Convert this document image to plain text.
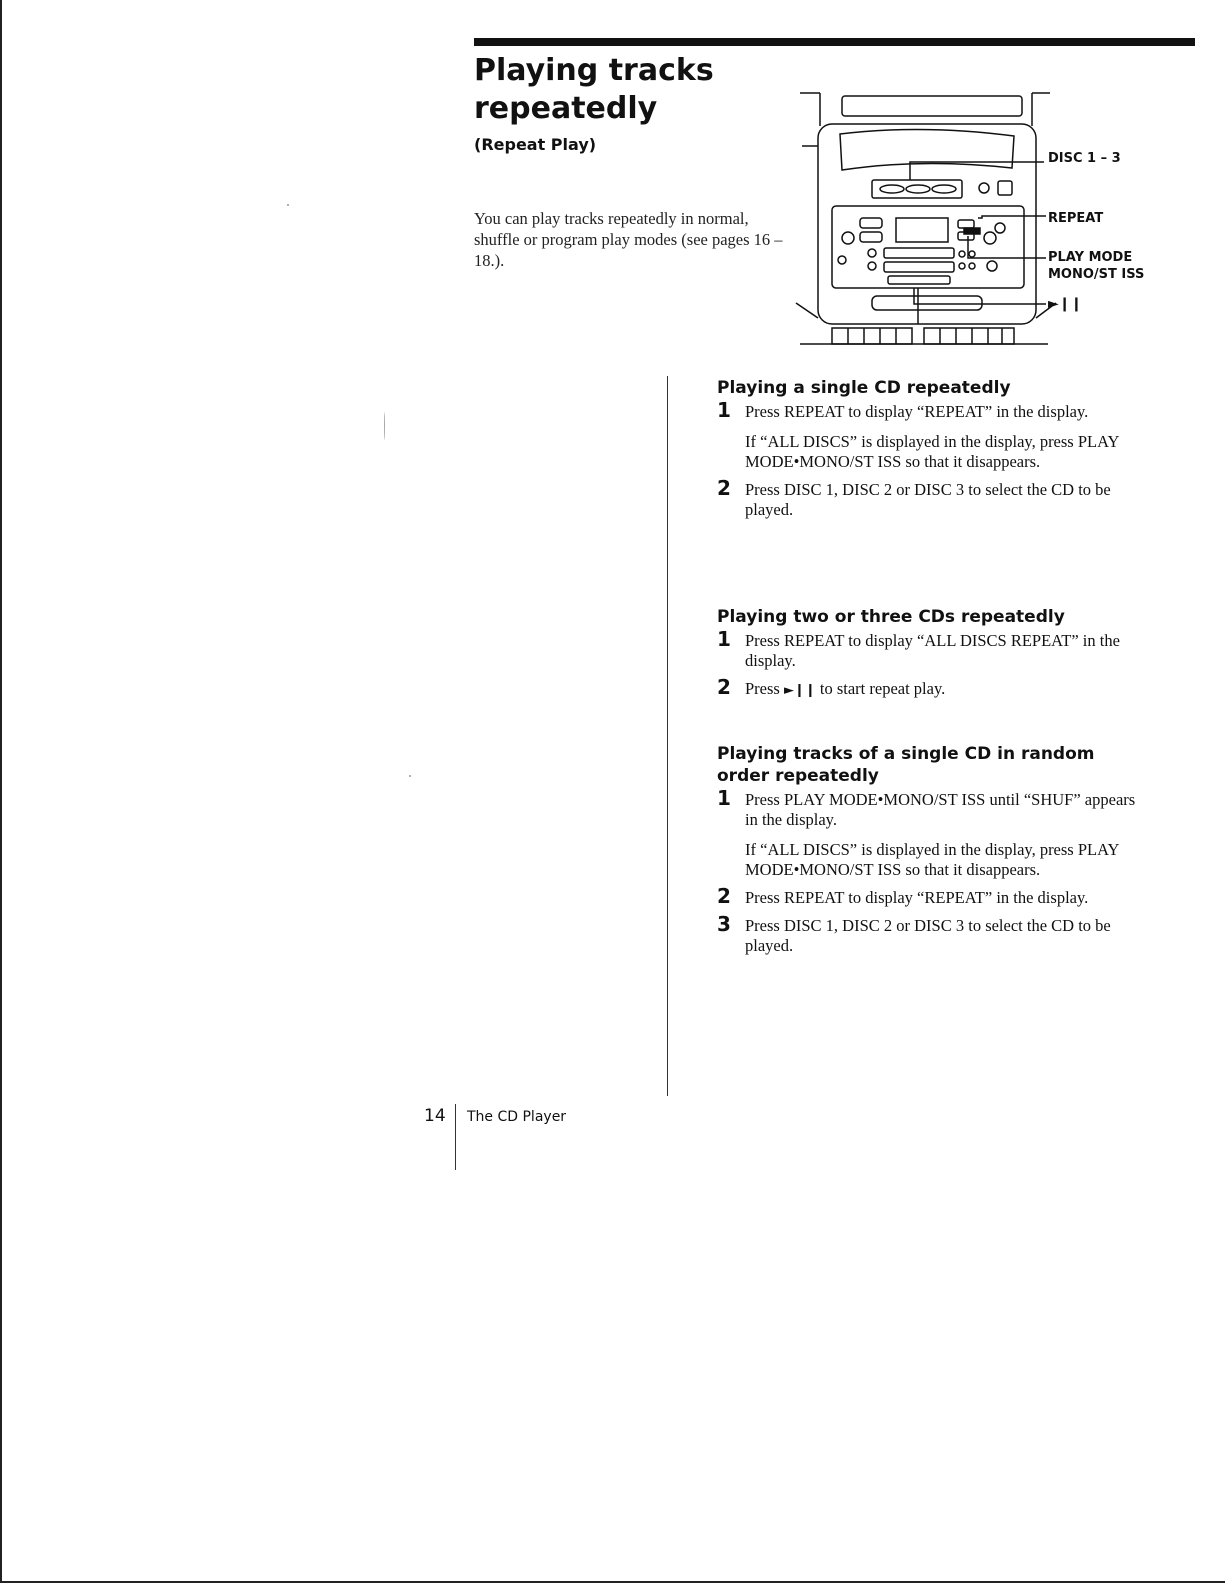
Playing tracks repeatedly
(Repeat Play)

You can play tracks repeatedly in normal, shuffle or program play modes (see pages 16 – 18.).

DISC 1 – 3
REPEAT
PLAY MODE
MONO/ST ISS
►❙❙
Playing a single CD repeatedly
1 Press REPEAT to display “REPEAT” in the display.
If “ALL DISCS” is displayed in the display, press PLAY MODE•MONO/ST ISS so that it disappears.
2 Press DISC 1, DISC 2 or DISC 3 to select the CD to be played.
Playing two or three CDs repeatedly
1 Press REPEAT to display “ALL DISCS REPEAT” in the display.
2 Press ►❙❙ to start repeat play.
Playing tracks of a single CD in random order repeatedly
1 Press PLAY MODE•MONO/ST ISS until “SHUF” appears in the display.
If “ALL DISCS” is displayed in the display, press PLAY MODE•MONO/ST ISS so that it disappears.
2 Press REPEAT to display “REPEAT” in the display.
3 Press DISC 1, DISC 2 or DISC 3 to select the CD to be played.
14 The CD Player
